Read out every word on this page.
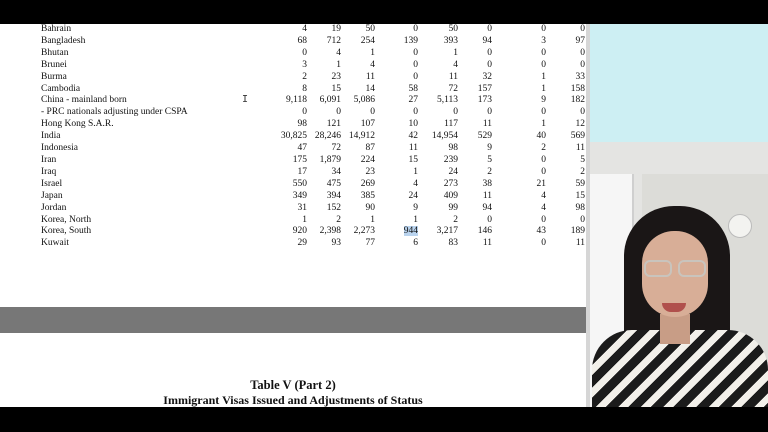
Bahrain	4	19	50	0	50	0	0	0
Bangladesh	68	712	254	139	393	94	3	97
Bhutan	0	4	1	0	1	0	0	0
Brunei	3	1	4	0	4	0	0	0
Burma	2	23	11	0	11	32	1	33
Cambodia	8	15	14	58	72	157	1	158
China - mainland born	9,118	6,091	5,086	27	5,113	173	9	182
- PRC nationals adjusting under CSPA	0	0	0	0	0	0	0	0
Hong Kong S.A.R.	98	121	107	10	117	11	1	12
India	30,825	28,246	14,912	42	14,954	529	40	569
Indonesia	47	72	87	11	98	9	2	11
Iran	175	1,879	224	15	239	5	0	5
Iraq	17	34	23	1	24	2	0	2
Israel	550	475	269	4	273	38	21	59
Japan	349	394	385	24	409	11	4	15
Jordan	31	152	90	9	99	94	4	98
Korea, North	1	2	1	1	2	0	0	0
Korea, South	920	2,398	2,273	944	3,217	146	43	189
Kuwait	29	93	77	6	83	11	0	11
I
Table V (Part 2)
Immigrant Visas Issued and Adjustments of Status
